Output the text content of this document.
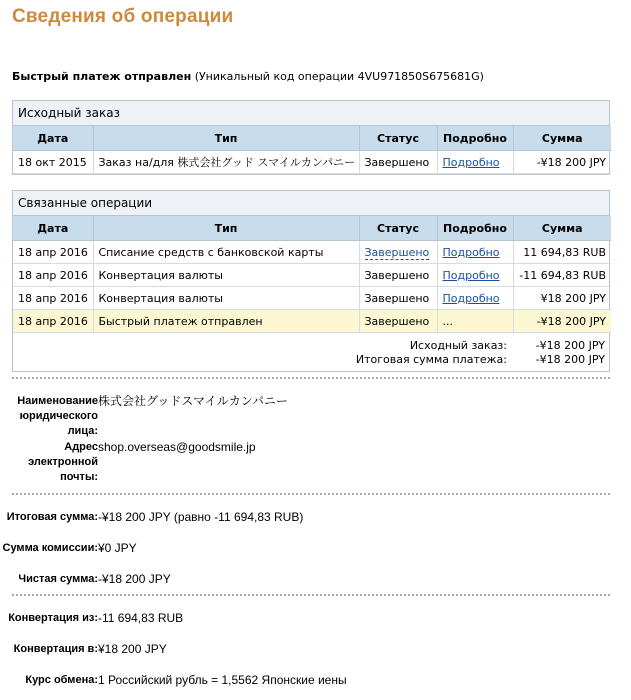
Сведения об операции
Быстрый платеж отправлен (Уникальный код операции 4VU971850S675681G)
Исходный заказ
Дата	Тип	Статус	Подробно	Сумма
18 окт 2015	Заказ на/для 株式会社グッド スマイルカンパニー	Завершено	Подробно	-¥18 200 JPY
Связанные операции
Дата	Тип	Статус	Подробно	Сумма
18 апр 2016	Списание средств с банковской карты	Завершено	Подробно	11 694,83 RUB
18 апр 2016	Конвертация валюты	Завершено	Подробно	-11 694,83 RUB
18 апр 2016	Конвертация валюты	Завершено	Подробно	¥18 200 JPY
18 апр 2016	Быстрый платеж отправлен	Завершено	...	-¥18 200 JPY
Исходный заказ:	-¥18 200 JPY
Итоговая сумма платежа:	-¥18 200 JPY
Наименование юридического лица:
株式会社グッドスマイルカンパニー
Адрес электронной почты:
shop.overseas@goodsmile.jp
Итоговая сумма: -¥18 200 JPY (равно -11 694,83 RUB)
Сумма комиссии: ¥0 JPY
Чистая сумма: -¥18 200 JPY
Конвертация из: -11 694,83 RUB
Конвертация в: ¥18 200 JPY
Курс обмена: 1 Российский рубль = 1,5562 Японские иены
